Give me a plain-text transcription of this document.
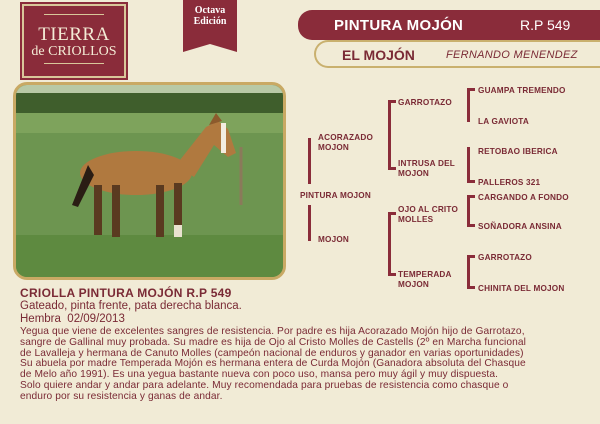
TIERRA
de CRIOLLOS
Octava
Edición	PINTURA MOJÓN	R.P 549
EL MOJÓN	FERNANDO MENENDEZ
PINTURA MOJON
ACORAZADO
MOJON
MOJON
GARROTAZO
INTRUSA DEL
MOJON
OJO AL CRITO
MOLLES
TEMPERADA
MOJON
GUAMPA TREMENDO
LA GAVIOTA
RETOBAO IBERICA
PALLEROS 321
CARGANDO A FONDO
SOÑADORA ANSINA
GARROTAZO
CHINITA DEL MOJON
CRIOLLA PINTURA MOJÓN R.P 549
Gateado, pinta frente, pata derecha blanca.
Hembra 02/09/2013
Yegua que viene de excelentes sangres de resistencia. Por padre es hija Acorazado Mojón hijo de Garrotazo,
sangre de Gallinal muy probada. Su madre es hija de Ojo al Cristo Molles de Castells (2º en Marcha funcional
de Lavalleja y hermana de Canuto Molles (campeón nacional de enduros y ganador en varias oportunidades)
Su abuela por madre Temperada Mojón es hermana entera de Curda Mojón (Ganadora absoluta del Chasque
de Melo año 1991). Es una yegua bastante nueva con poco uso, mansa pero muy ágil y muy dispuesta.
Solo quiere andar y andar para adelante. Muy recomendada para pruebas de resistencia como chasque o
enduro por su resistencia y ganas de andar.
